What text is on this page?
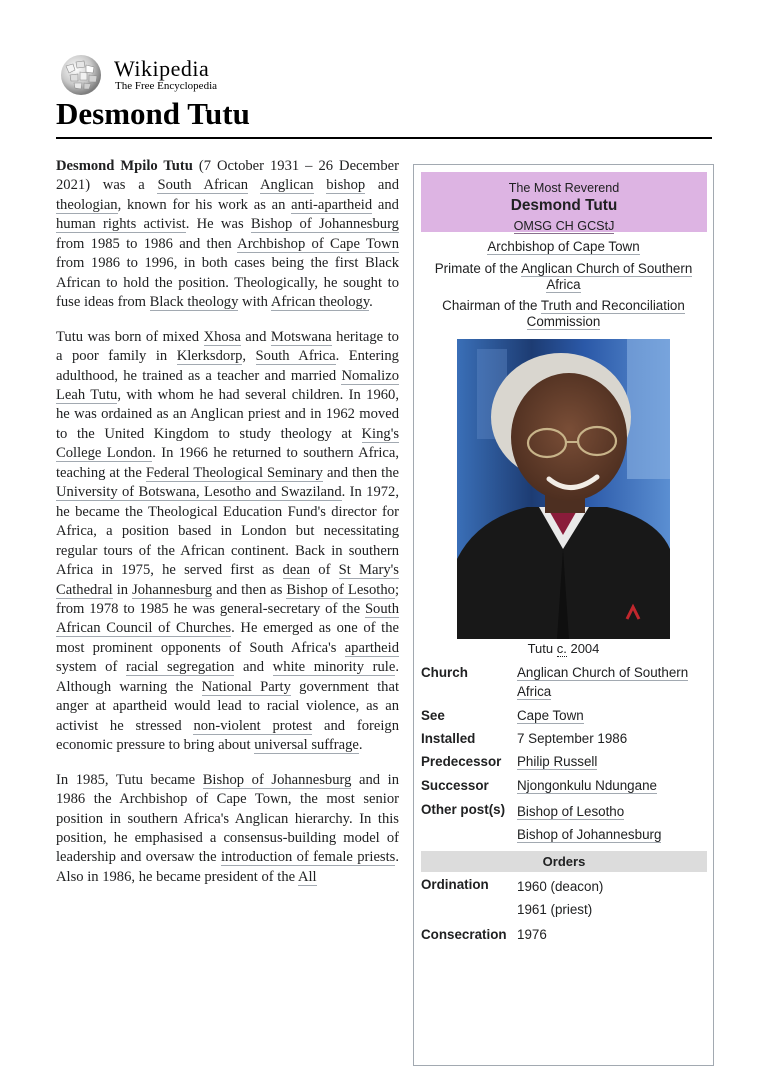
Wikipedia
The Free Encyclopedia
Desmond Tutu

Desmond Mpilo Tutu (7 October 1931 – 26 December 2021) was a South African Anglican bishop and theologian, known for his work as an anti-apartheid and human rights activist. He was Bishop of Johannesburg from 1985 to 1986 and then Archbishop of Cape Town from 1986 to 1996, in both cases being the first Black African to hold the position. Theologically, he sought to fuse ideas from Black theology with African theology.

Tutu was born of mixed Xhosa and Motswana heritage to a poor family in Klerksdorp, South Africa. Entering adulthood, he trained as a teacher and married Nomalizo Leah Tutu, with whom he had several children. In 1960, he was ordained as an Anglican priest and in 1962 moved to the United Kingdom to study theology at King's College London. In 1966 he returned to southern Africa, teaching at the Federal Theological Seminary and then the University of Botswana, Lesotho and Swaziland. In 1972, he became the Theological Education Fund's director for Africa, a position based in London but necessitating regular tours of the African continent. Back in southern Africa in 1975, he served first as dean of St Mary's Cathedral in Johannesburg and then as Bishop of Lesotho; from 1978 to 1985 he was general-secretary of the South African Council of Churches. He emerged as one of the most prominent opponents of South Africa's apartheid system of racial segregation and white minority rule. Although warning the National Party government that anger at apartheid would lead to racial violence, as an activist he stressed non-violent protest and foreign economic pressure to bring about universal suffrage.

In 1985, Tutu became Bishop of Johannesburg and in 1986 the Archbishop of Cape Town, the most senior position in southern Africa's Anglican hierarchy. In this position, he emphasised a consensus-building model of leadership and oversaw the introduction of female priests. Also in 1986, he became president of the All

The Most Reverend
Desmond Tutu
OMSG CH GCStJ
Archbishop of Cape Town
Primate of the Anglican Church of Southern Africa
Chairman of the Truth and Reconciliation Commission
Tutu c. 2004
Church	Anglican Church of Southern Africa
See	Cape Town
Installed	7 September 1986
Predecessor Philip Russell
Successor Njongonkulu Ndungane
Other post(s) Bishop of Lesotho
Bishop of Johannesburg
Orders
Ordination 1960 (deacon)
1961 (priest)
Consecration 1976
